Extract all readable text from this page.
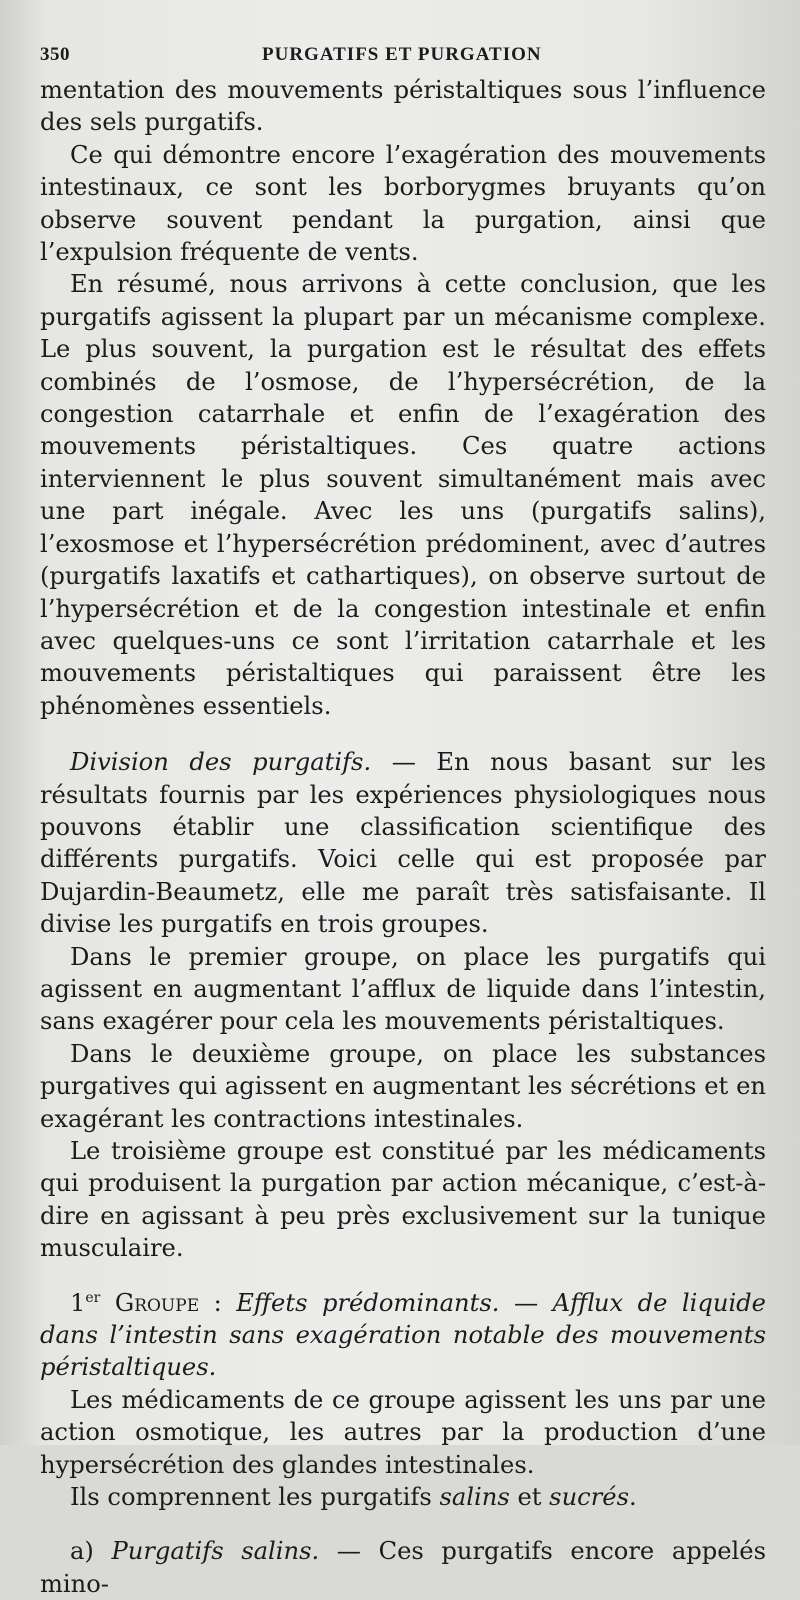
350	PURGATIFS ET PURGATION

mentation des mouvements péristaltiques sous l’influence des sels purgatifs.

Ce qui démontre encore l’exagération des mouvements intestinaux, ce sont les borborygmes bruyants qu’on observe souvent pendant la purgation, ainsi que l’expulsion fréquente de vents.

En résumé, nous arrivons à cette conclusion, que les purgatifs agissent la plupart par un mécanisme complexe. Le plus souvent, la purgation est le résultat des effets combinés de l’osmose, de l’hypersécrétion, de la congestion catarrhale et enfin de l’exagération des mouvements péristaltiques. Ces quatre actions interviennent le plus souvent simultanément mais avec une part inégale. Avec les uns (purgatifs salins), l’exosmose et l’hypersécrétion prédominent, avec d’autres (purgatifs laxatifs et cathartiques), on observe surtout de l’hypersécrétion et de la congestion intestinale et enfin avec quelques-uns ce sont l’irritation catarrhale et les mouvements péristaltiques qui paraissent être les phénomènes essentiels.

Division des purgatifs. — En nous basant sur les résultats fournis par les expériences physiologiques nous pouvons établir une classification scientifique des différents purgatifs. Voici celle qui est proposée par Dujardin-Beaumetz, elle me paraît très satisfaisante. Il divise les purgatifs en trois groupes.

Dans le premier groupe, on place les purgatifs qui agissent en augmentant l’afflux de liquide dans l’intestin, sans exagérer pour cela les mouvements péristaltiques.

Dans le deuxième groupe, on place les substances purgatives qui agissent en augmentant les sécrétions et en exagérant les contractions intestinales.

Le troisième groupe est constitué par les médicaments qui produisent la purgation par action mécanique, c’est-à-dire en agissant à peu près exclusivement sur la tunique musculaire.

1er Groupe : Effets prédominants. — Afflux de liquide dans l’intestin sans exagération notable des mouvements péristaltiques.

Les médicaments de ce groupe agissent les uns par une action osmotique, les autres par la production d’une hypersécrétion des glandes intestinales.

Ils comprennent les purgatifs salins et sucrés.

a) Purgatifs salins. — Ces purgatifs encore appelés mino-
